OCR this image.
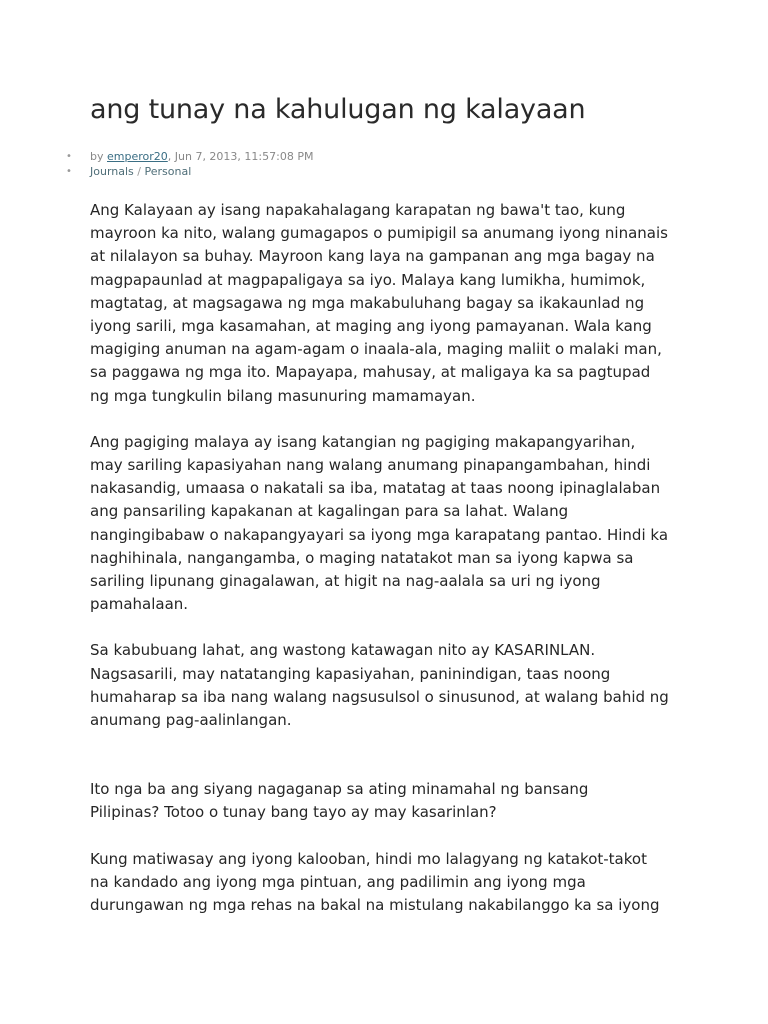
ang tunay na kahulugan ng kalayaan
• by emperor20, Jun 7, 2013, 11:57:08 PM
• Journals / Personal

Ang Kalayaan ay isang napakahalagang karapatan ng bawa't tao, kung
mayroon ka nito, walang gumagapos o pumipigil sa anumang iyong ninanais
at nilalayon sa buhay. Mayroon kang laya na gampanan ang mga bagay na
magpapaunlad at magpapaligaya sa iyo. Malaya kang lumikha, humimok,
magtatag, at magsagawa ng mga makabuluhang bagay sa ikakaunlad ng
iyong sarili, mga kasamahan, at maging ang iyong pamayanan. Wala kang
magiging anuman na agam-agam o inaala-ala, maging maliit o malaki man,
sa paggawa ng mga ito. Mapayapa, mahusay, at maligaya ka sa pagtupad
ng mga tungkulin bilang masunuring mamamayan.

Ang pagiging malaya ay isang katangian ng pagiging makapangyarihan,
may sariling kapasiyahan nang walang anumang pinapangambahan, hindi
nakasandig, umaasa o nakatali sa iba, matatag at taas noong ipinaglalaban
ang pansariling kapakanan at kagalingan para sa lahat. Walang
nangingibabaw o nakapangyayari sa iyong mga karapatang pantao. Hindi ka
naghihinala, nangangamba, o maging natatakot man sa iyong kapwa sa
sariling lipunang ginagalawan, at higit na nag-aalala sa uri ng iyong
pamahalaan.

Sa kabubuang lahat, ang wastong katawagan nito ay KASARINLAN.
Nagsasarili, may natatanging kapasiyahan, paninindigan, taas noong
humaharap sa iba nang walang nagsusulsol o sinusunod, at walang bahid ng
anumang pag-aalinlangan.

Ito nga ba ang siyang nagaganap sa ating minamahal ng bansang
Pilipinas? Totoo o tunay bang tayo ay may kasarinlan?

Kung matiwasay ang iyong kalooban, hindi mo lalagyang ng katakot-takot
na kandado ang iyong mga pintuan, ang padilimin ang iyong mga
durungawan ng mga rehas na bakal na mistulang nakabilanggo ka sa iyong
